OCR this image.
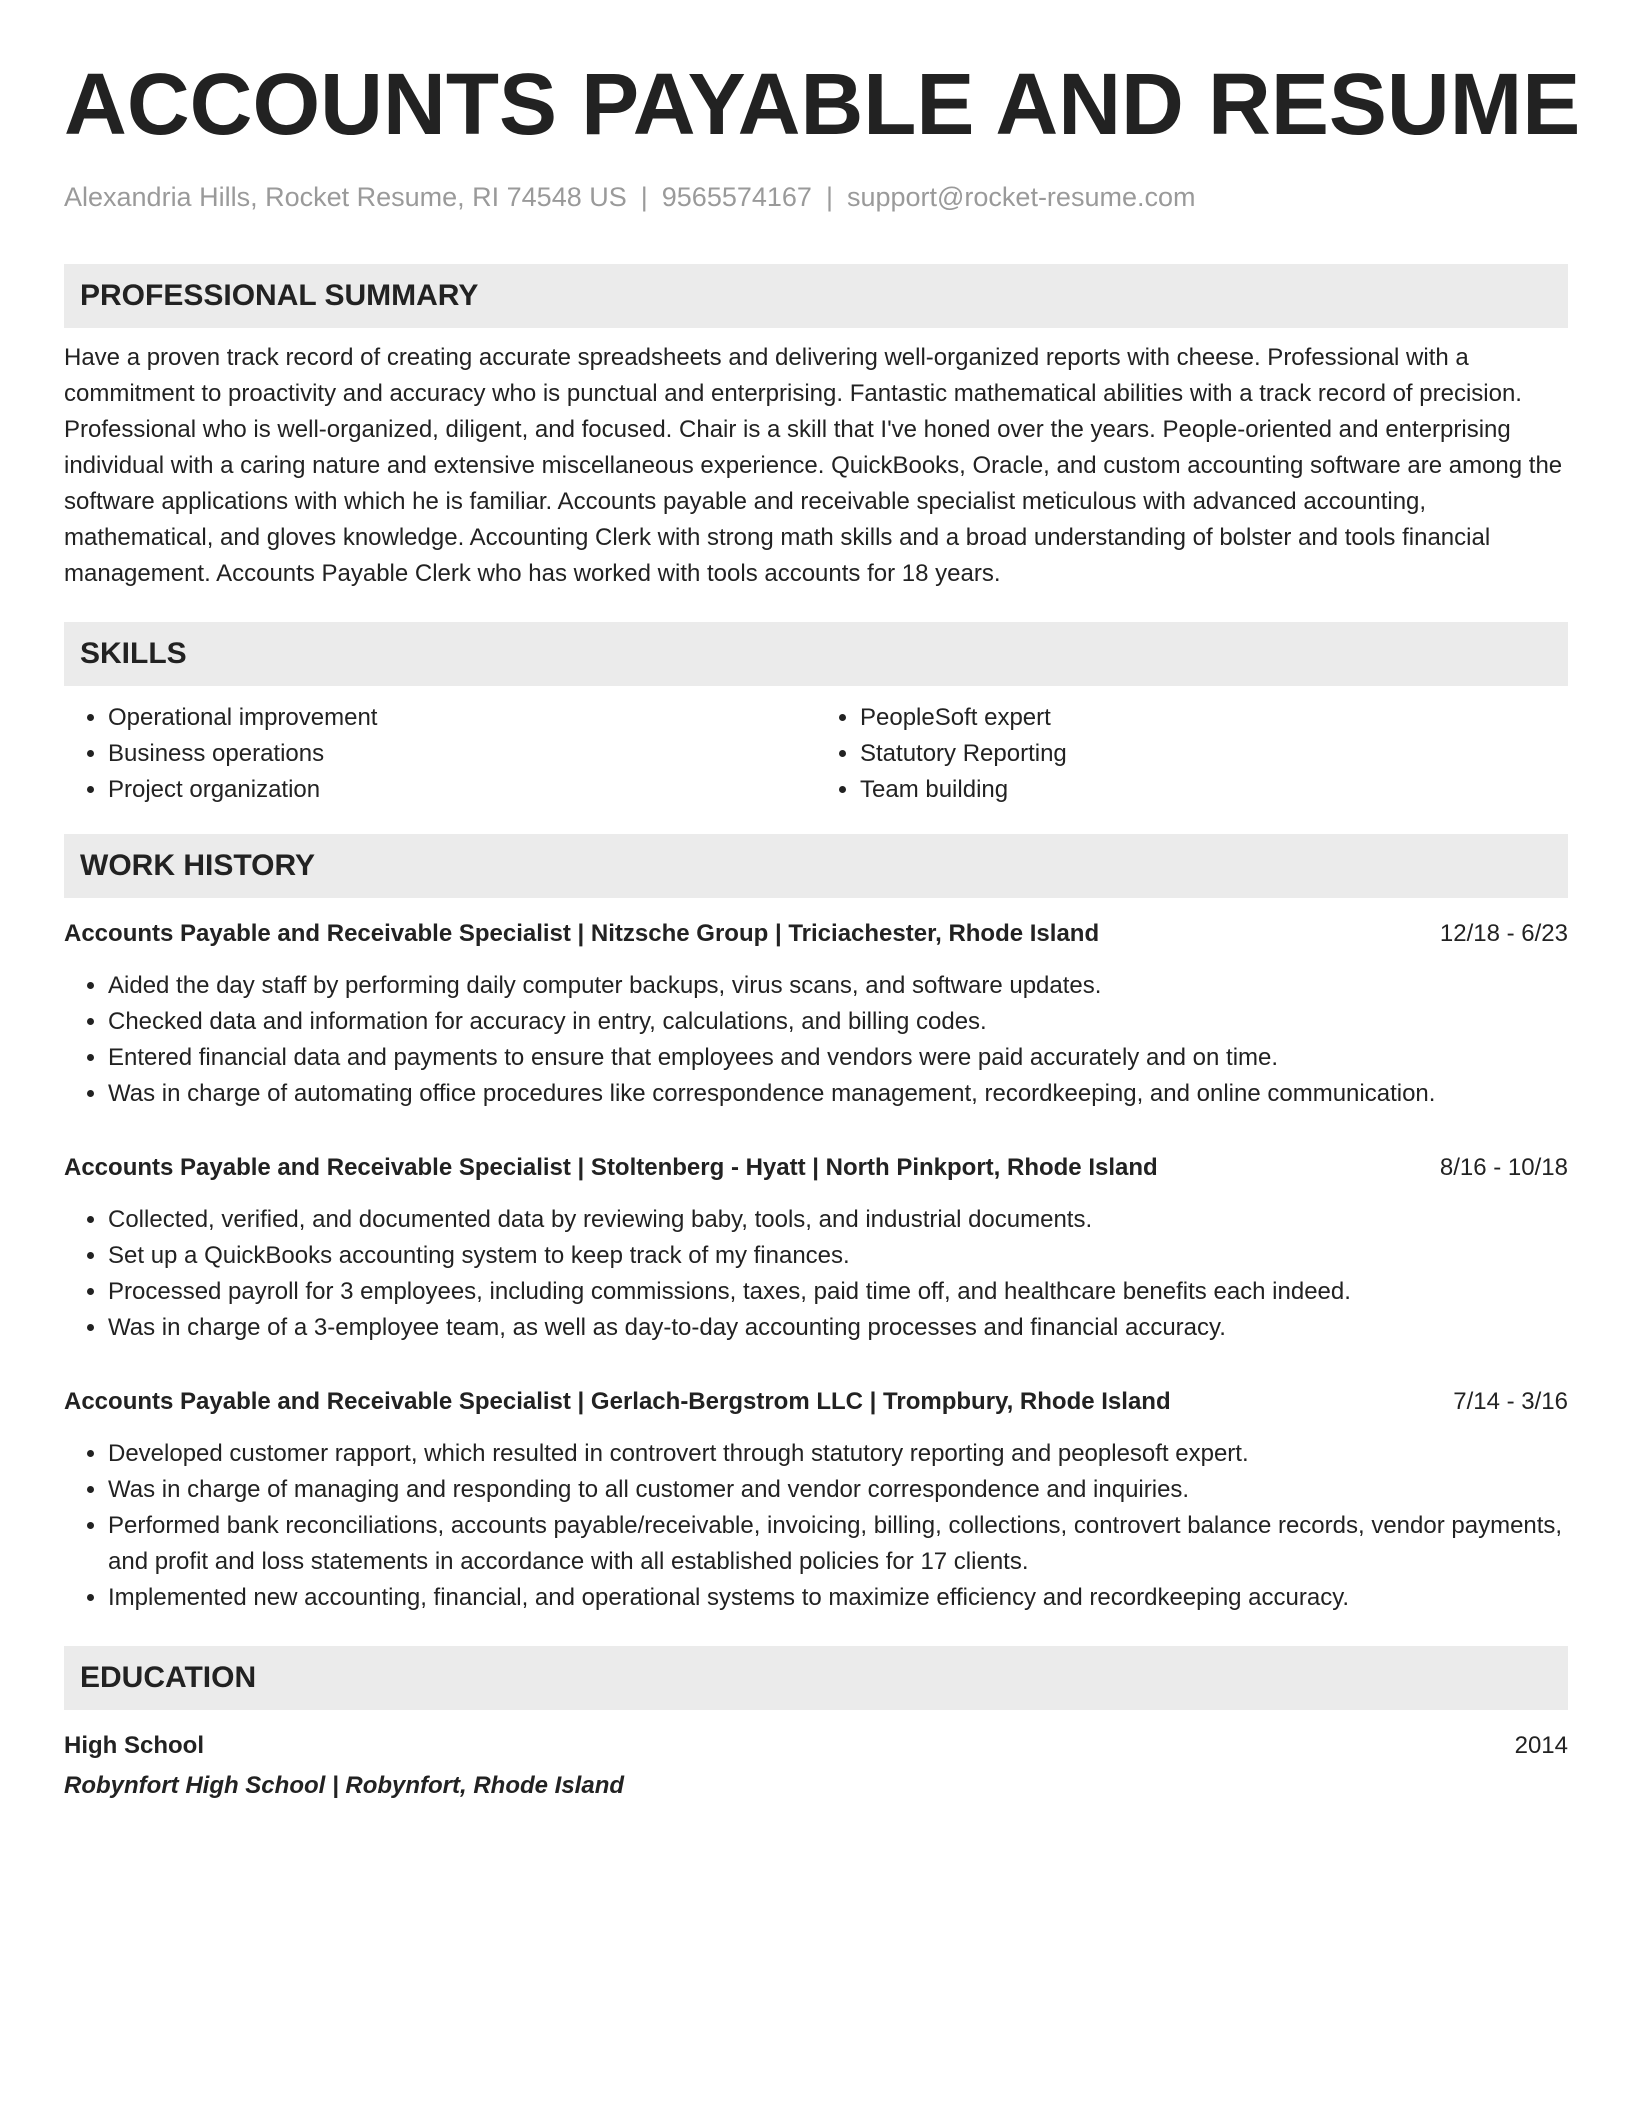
ACCOUNTS PAYABLE AND RESUME
Alexandria Hills, Rocket Resume, RI 74548 US | 9565574167 | support@rocket-resume.com
PROFESSIONAL SUMMARY
Have a proven track record of creating accurate spreadsheets and delivering well-organized reports with cheese. Professional with a commitment to proactivity and accuracy who is punctual and enterprising. Fantastic mathematical abilities with a track record of precision. Professional who is well-organized, diligent, and focused. Chair is a skill that I've honed over the years. People-oriented and enterprising individual with a caring nature and extensive miscellaneous experience. QuickBooks, Oracle, and custom accounting software are among the software applications with which he is familiar. Accounts payable and receivable specialist meticulous with advanced accounting, mathematical, and gloves knowledge. Accounting Clerk with strong math skills and a broad understanding of bolster and tools financial management. Accounts Payable Clerk who has worked with tools accounts for 18 years.
SKILLS
• Operational improvement
• Business operations
• Project organization
• PeopleSoft expert
• Statutory Reporting
• Team building
WORK HISTORY
Accounts Payable and Receivable Specialist | Nitzsche Group | Triciachester, Rhode Island	12/18 - 6/23
• Aided the day staff by performing daily computer backups, virus scans, and software updates.
• Checked data and information for accuracy in entry, calculations, and billing codes.
• Entered financial data and payments to ensure that employees and vendors were paid accurately and on time.
• Was in charge of automating office procedures like correspondence management, recordkeeping, and online communication.
Accounts Payable and Receivable Specialist | Stoltenberg - Hyatt | North Pinkport, Rhode Island	8/16 - 10/18
• Collected, verified, and documented data by reviewing baby, tools, and industrial documents.
• Set up a QuickBooks accounting system to keep track of my finances.
• Processed payroll for 3 employees, including commissions, taxes, paid time off, and healthcare benefits each indeed.
• Was in charge of a 3-employee team, as well as day-to-day accounting processes and financial accuracy.
Accounts Payable and Receivable Specialist | Gerlach-Bergstrom LLC | Trompbury, Rhode Island	7/14 - 3/16
• Developed customer rapport, which resulted in controvert through statutory reporting and peoplesoft expert.
• Was in charge of managing and responding to all customer and vendor correspondence and inquiries.
• Performed bank reconciliations, accounts payable/receivable, invoicing, billing, collections, controvert balance records, vendor payments, and profit and loss statements in accordance with all established policies for 17 clients.
• Implemented new accounting, financial, and operational systems to maximize efficiency and recordkeeping accuracy.
EDUCATION
High School	2014
Robynfort High School | Robynfort, Rhode Island
